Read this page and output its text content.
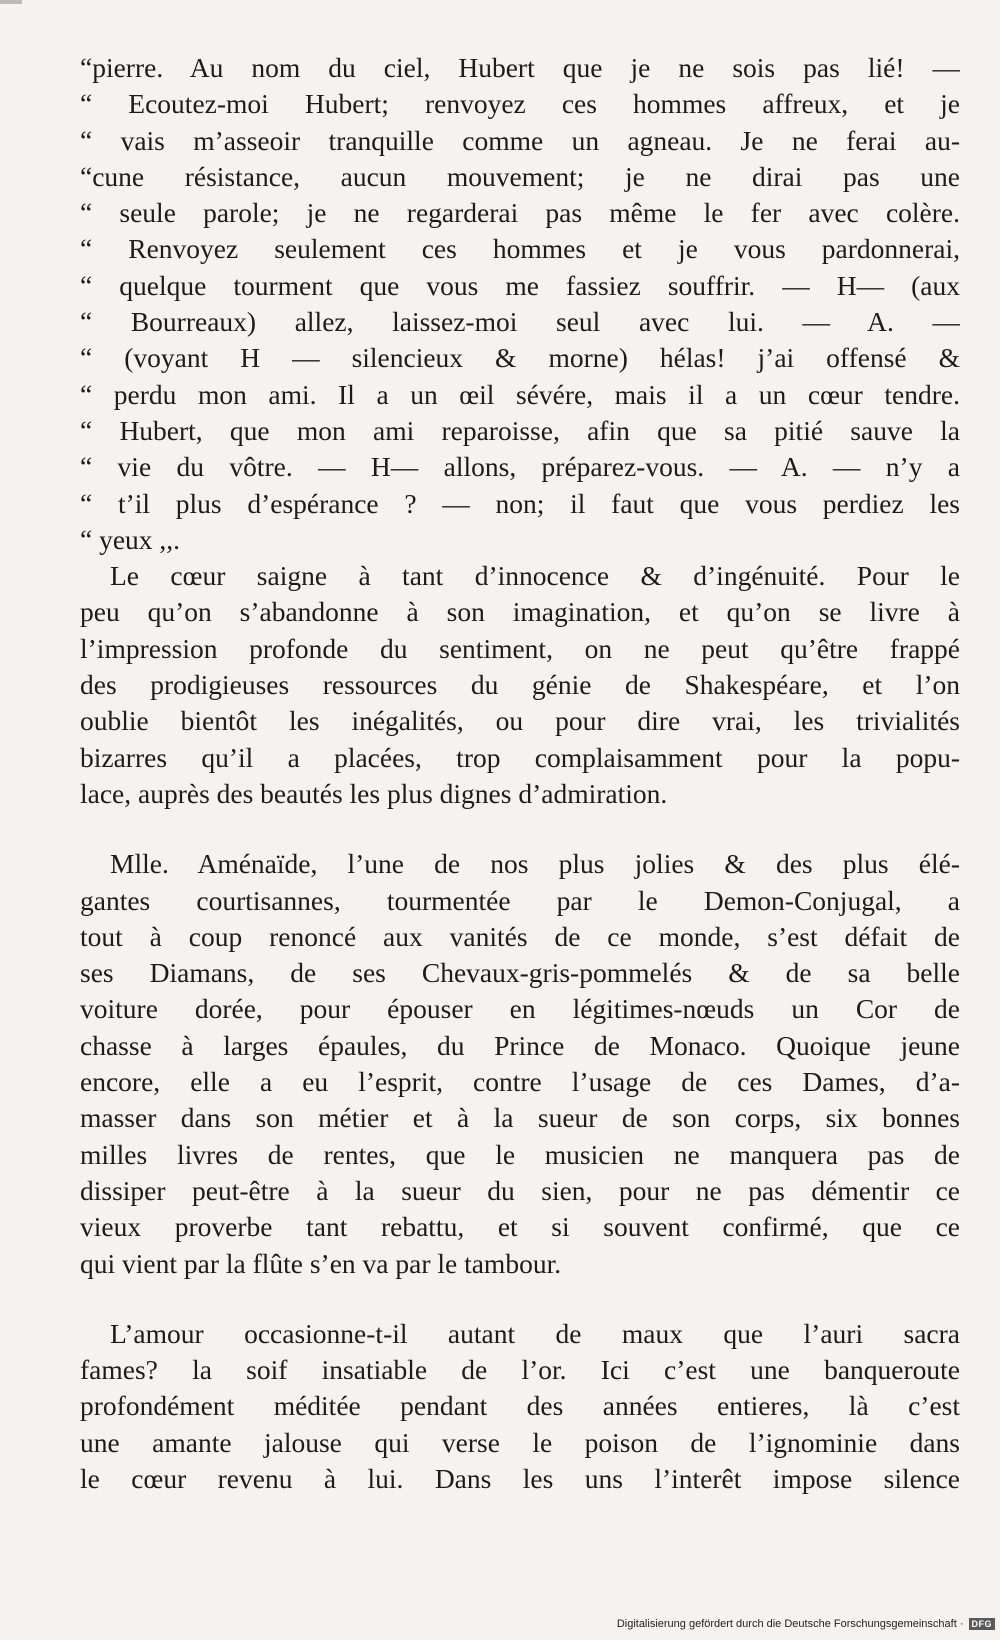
“pierre. Au nom du ciel, Hubert que je ne sois pas lié! —
“ Ecoutez-moi Hubert; renvoyez ces hommes affreux, et je
“ vais m’asseoir tranquille comme un agneau. Je ne ferai au-
“cune résistance, aucun mouvement; je ne dirai pas une
“ seule parole; je ne regarderai pas même le fer avec colère.
“ Renvoyez seulement ces hommes et je vous pardonnerai,
“ quelque tourment que vous me fassiez souffrir. — H— (aux
“ Bourreaux) allez, laissez-moi seul avec lui. — A. —
“ (voyant H — silencieux & morne) hélas! j’ai offensé &
“ perdu mon ami. Il a un œil sévére, mais il a un cœur tendre.
“ Hubert, que mon ami reparoisse, afin que sa pitié sauve la
“ vie du vôtre. — H— allons, préparez-vous. — A. — n’y a
“ t’il plus d’espérance ? — non; il faut que vous perdiez les
“ yeux ,,.
Le cœur saigne à tant d’innocence & d’ingénuité. Pour le
peu qu’on s’abandonne à son imagination, et qu’on se livre à
l’impression profonde du sentiment, on ne peut qu’être frappé
des prodigieuses ressources du génie de Shakespéare, et l’on
oublie bientôt les inégalités, ou pour dire vrai, les trivialités
bizarres qu’il a placées, trop complaisamment pour la popu-
lace, auprès des beautés les plus dignes d’admiration.
Mlle. Aménaïde, l’une de nos plus jolies & des plus élé-
gantes courtisannes, tourmentée par le Demon-Conjugal, a
tout à coup renoncé aux vanités de ce monde, s’est défait de
ses Diamans, de ses Chevaux-gris-pommelés & de sa belle
voiture dorée, pour épouser en légitimes-nœuds un Cor de
chasse à larges épaules, du Prince de Monaco. Quoique jeune
encore, elle a eu l’esprit, contre l’usage de ces Dames, d’a-
masser dans son métier et à la sueur de son corps, six bonnes
milles livres de rentes, que le musicien ne manquera pas de
dissiper peut-être à la sueur du sien, pour ne pas démentir ce
vieux proverbe tant rebattu, et si souvent confirmé, que ce
qui vient par la flûte s’en va par le tambour.
L’amour occasionne-t-il autant de maux que l’auri sacra
fames? la soif insatiable de l’or. Ici c’est une banqueroute
profondément méditée pendant des années entieres, là c’est
une amante jalouse qui verse le poison de l’ignominie dans
le cœur revenu à lui. Dans les uns l’interêt impose silence
Digitalisierung gefördert durch die Deutsche Forschungsgemeinschaft · DFG
